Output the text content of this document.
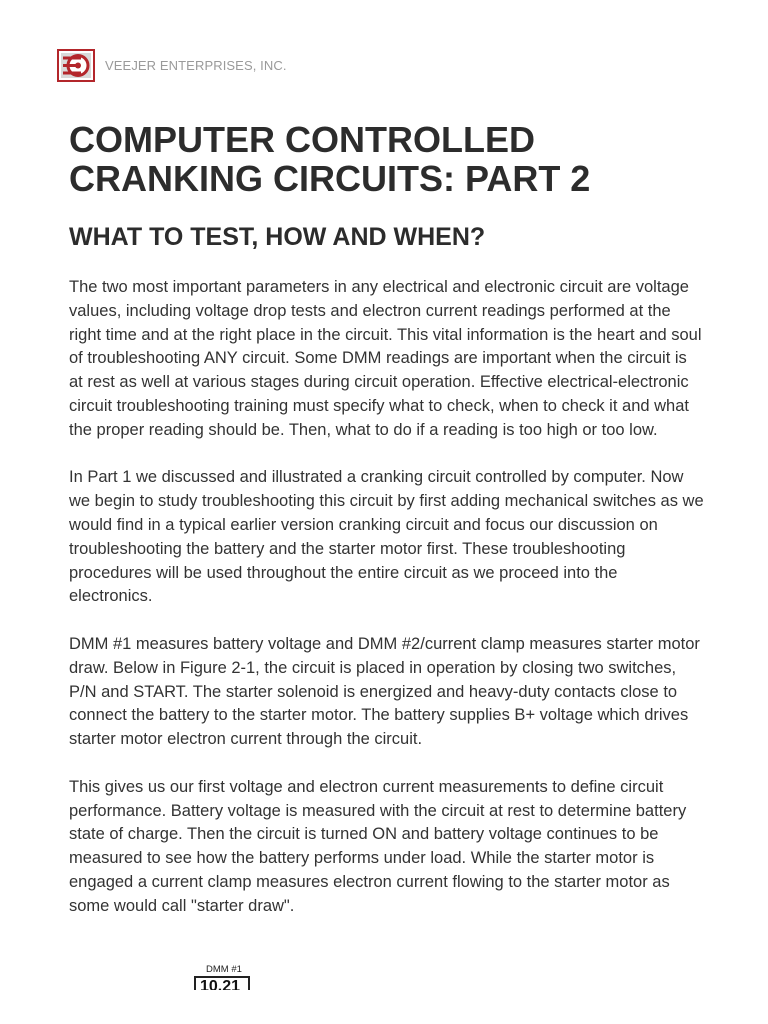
VEEJER ENTERPRISES, INC.
COMPUTER CONTROLLED CRANKING CIRCUITS: PART 2
WHAT TO TEST, HOW AND WHEN?

The two most important parameters in any electrical and electronic circuit are voltage values, including voltage drop tests and electron current readings performed at the right time and at the right place in the circuit. This vital information is the heart and soul of troubleshooting ANY circuit. Some DMM readings are important when the circuit is at rest as well at various stages during circuit operation. Effective electrical-electronic circuit troubleshooting training must specify what to check, when to check it and what the proper reading should be. Then, what to do if a reading is too high or too low.

In Part 1 we discussed and illustrated a cranking circuit controlled by computer. Now we begin to study troubleshooting this circuit by first adding mechanical switches as we would find in a typical earlier version cranking circuit and focus our discussion on troubleshooting the battery and the starter motor first. These troubleshooting procedures will be used throughout the entire circuit as we proceed into the electronics.

DMM #1 measures battery voltage and DMM #2/current clamp measures starter motor draw. Below in Figure 2-1, the circuit is placed in operation by closing two switches, P/N and START. The starter solenoid is energized and heavy-duty contacts close to connect the battery to the starter motor. The battery supplies B+ voltage which drives starter motor electron current through the circuit.

This gives us our first voltage and electron current measurements to define circuit performance. Battery voltage is measured with the circuit at rest to determine battery state of charge. Then the circuit is turned ON and battery voltage continues to be measured to see how the battery performs under load. While the starter motor is engaged a current clamp measures electron current flowing to the starter motor as some would call "starter draw".

DMM #1
10.21
